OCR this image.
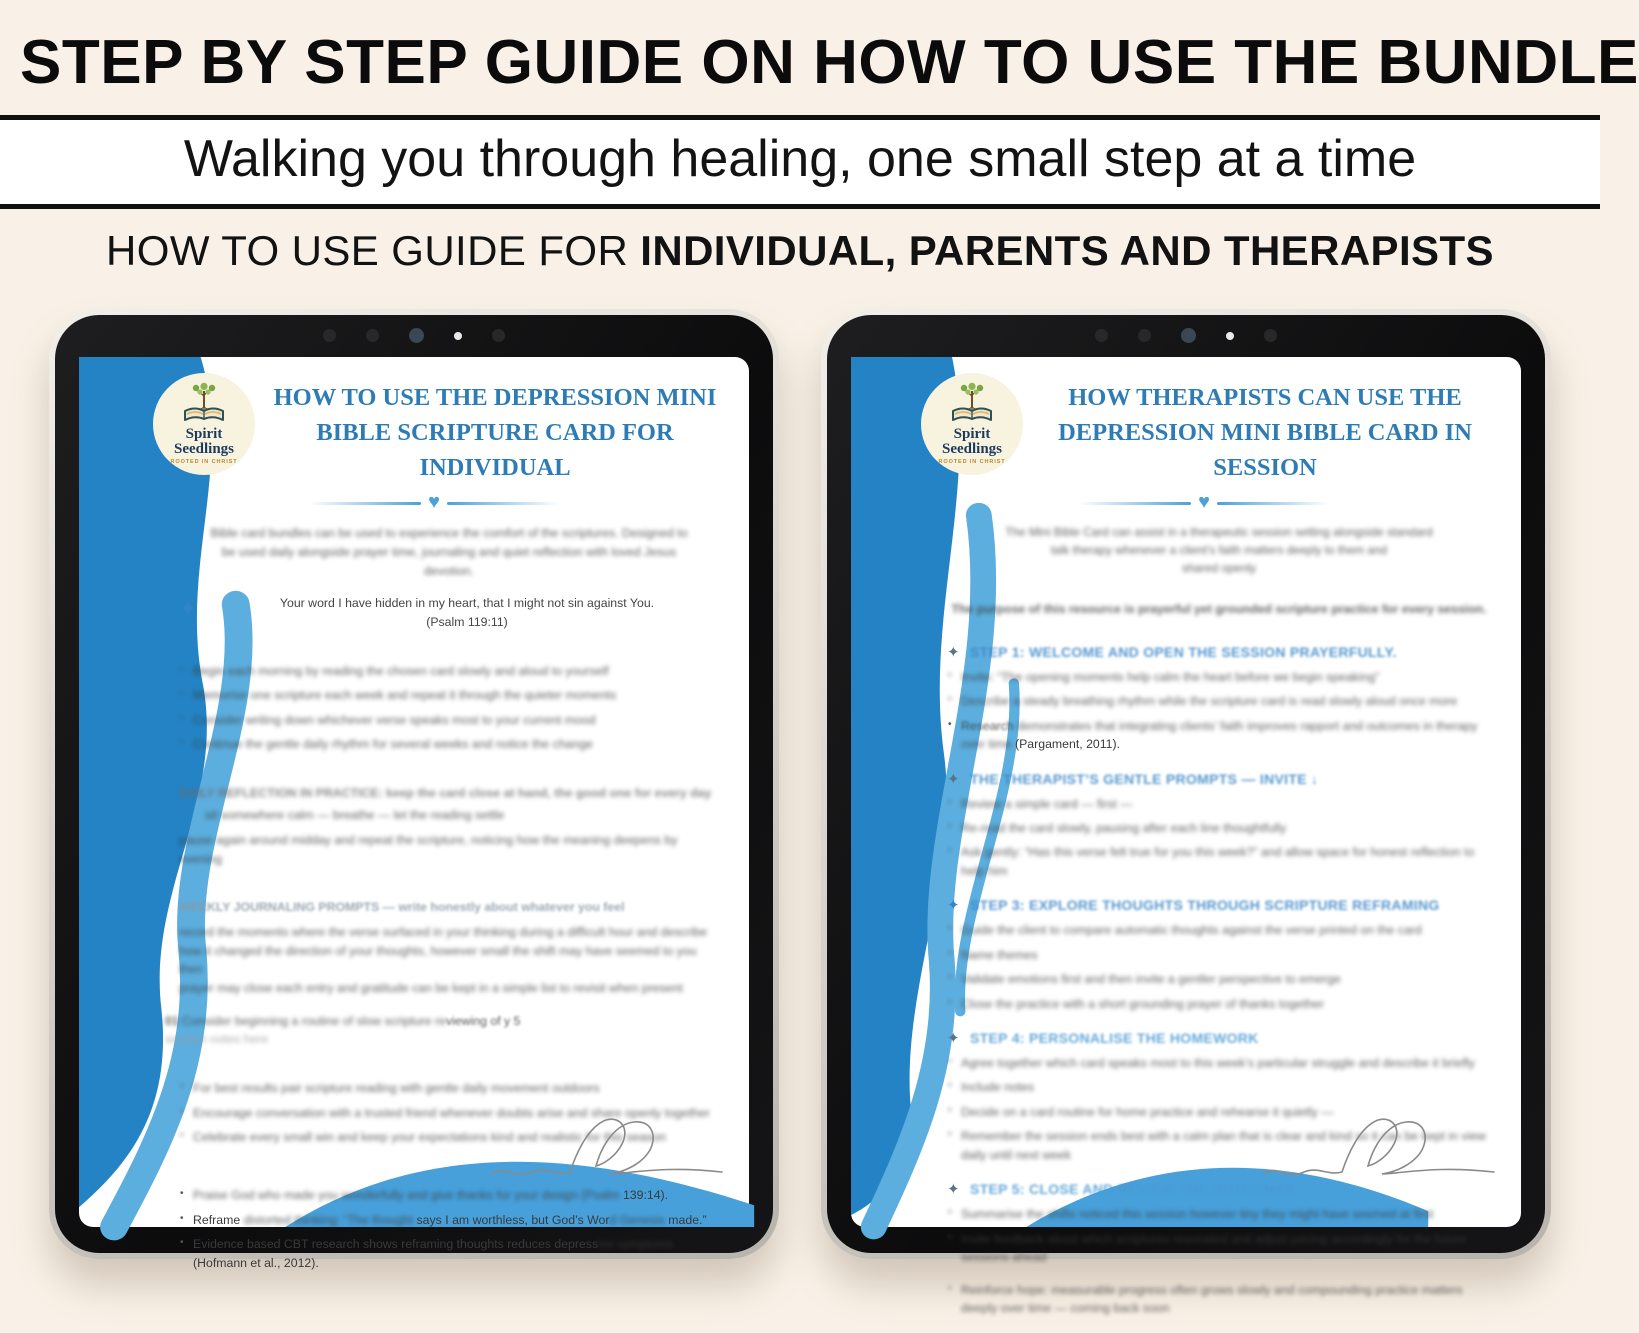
STEP BY STEP GUIDE ON HOW TO USE THE BUNDLE
Walking you through healing, one small step at a time
HOW TO USE GUIDE FOR INDIVIDUAL, PARENTS AND THERAPISTS
Spirit
Seedlings
ROOTED IN CHRIST
HOW TO USE THE DEPRESSION MINI BIBLE SCRIPTURE CARD FOR INDIVIDUAL
♥

Bible card bundles can be used to experience the comfort of the scriptures. Designed to be used daily alongside prayer time, journaling and quiet reflection with loved Jesus devotion.

✦	Your word I have hidden in my heart, that I might not sin against You.
(Psalm 119:11)

• Begin each morning by reading the chosen card slowly and aloud to yourself
• Memorise one scripture each week and repeat it through the quieter moments
• Consider writing down whichever verse speaks most to your current mood
• Continue the gentle daily rhythm for several weeks and notice the change

DAILY REFLECTION IN PRACTICE: keep the card close at hand, the good one for every day

sit somewhere calm — breathe — let the reading settle

pause again around midday and repeat the scripture, noticing how the meaning deepens by evening

WEEKLY JOURNALING PROMPTS — write honestly about whatever you feel

record the moments where the verse surfaced in your thinking during a difficult hour and describe

how it changed the direction of your thoughts, however small the shift may have seemed to you then

prayer may close each entry and gratitude can be kept in a simple list to revisit when present

01 Consider beginning a routine of slow scripture reviewing of y 5

session notes here

• For best results pair scripture reading with gentle daily movement outdoors
• Encourage conversation with a trusted friend whenever doubts arise and share openly together
• Celebrate every small win and keep your expectations kind and realistic for this season
• Praise God who made you wonderfully and give thanks for your design (Psalm 139:14).
• Reframe distorted thinking: “The thought says I am worthless, but God’s Word Genesis made.”
• Evidence based CBT research shows reframing thoughts reduces depressive symptoms (Hofmann et al., 2012).
Spirit
Seedlings
ROOTED IN CHRIST
HOW THERAPISTS CAN USE THE DEPRESSION MINI BIBLE CARD IN SESSION
♥

The Mini Bible Card can assist in a therapeutic session setting alongside standard talk therapy whenever a client’s faith matters deeply to them and

shared openly

The purpose of this resource is prayerful yet grounded scripture practice for every session.

✦ STEP 1: WELCOME AND OPEN THE SESSION PRAYERFULLY.
• Invite: “The opening moments help calm the heart before we begin speaking”
• Describe a steady breathing rhythm while the scripture card is read slowly aloud once more
• Research demonstrates that integrating clients’ faith improves rapport and outcomes in therapy over time (Pargament, 2011).
✦ THE THERAPIST’S GENTLE PROMPTS — INVITE ↓
• Review a simple card — first —
• Re-read the card slowly, pausing after each line thoughtfully
• Ask gently: “Has this verse felt true for you this week?” and allow space for honest reflection to help him
✦ STEP 3: EXPLORE THOUGHTS THROUGH SCRIPTURE REFRAMING
• Guide the client to compare automatic thoughts against the verse printed on the card
• Name themes
• Validate emotions first and then invite a gentler perspective to emerge
• Close the practice with a short grounding prayer of thanks together
✦ STEP 4: PERSONALISE THE HOMEWORK
• Agree together which card speaks most to this week’s particular struggle and describe it briefly
• Include notes
• Decide on a card routine for home practice and rehearse it quietly —
• Remember the session ends best with a calm plan that is clear and kind so it can be kept in view daily until next week
✦ STEP 5: CLOSE AND REVIEW THE OUTCOMES
• Summarise the shifts noticed this session however tiny they might have seemed at first
• Invite feedback about which scriptures resonated and adjust pacing accordingly for the future sessions ahead
• Reinforce hope: measurable progress often grows slowly and compounding practice matters deeply over time — coming back soon
